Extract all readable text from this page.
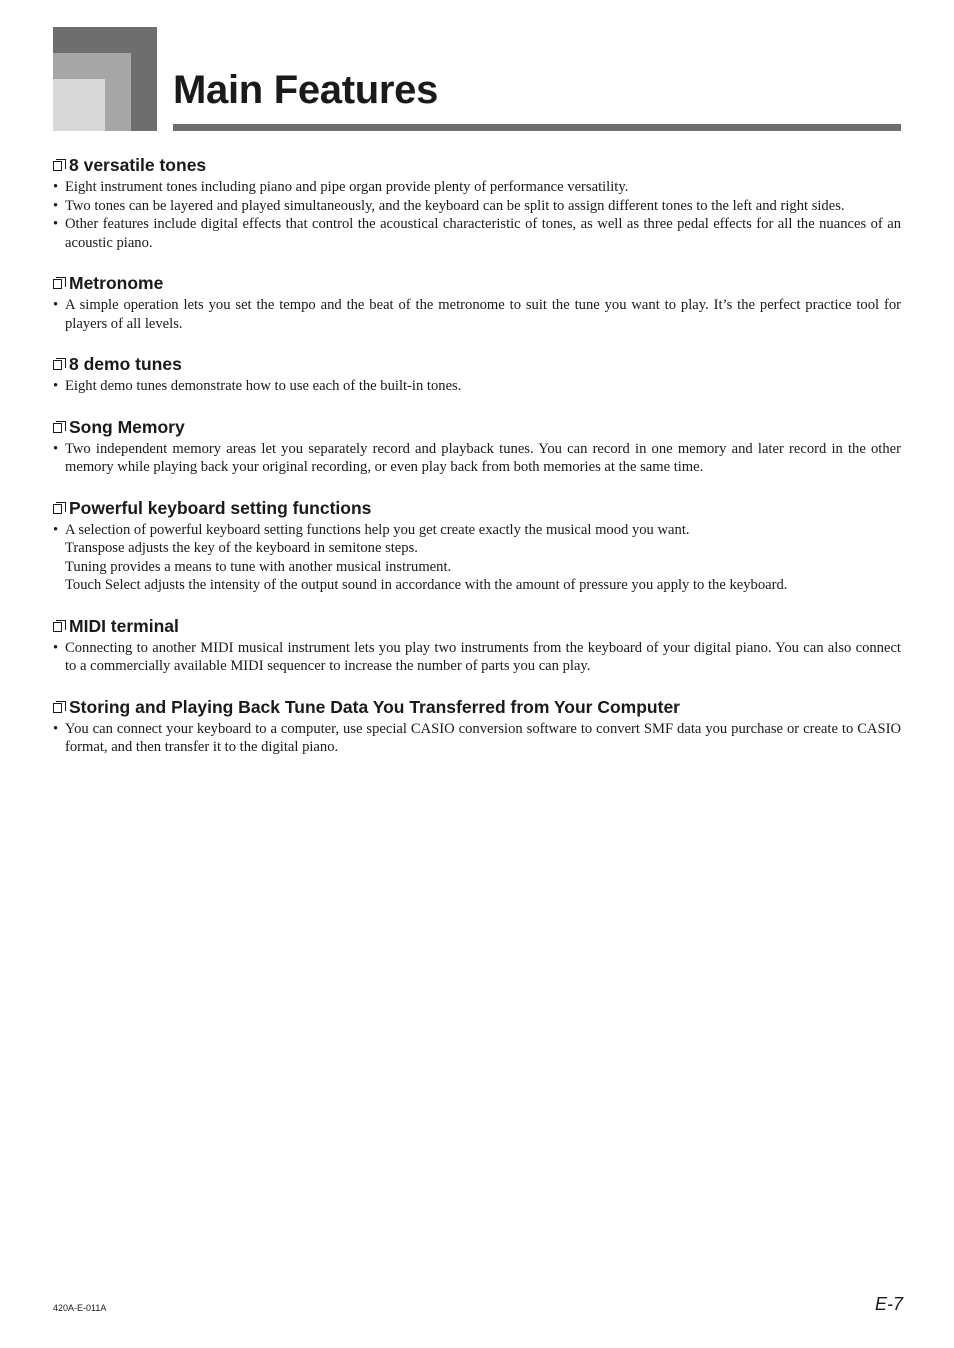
Main Features
8 versatile tones
• Eight instrument tones including piano and pipe organ provide plenty of performance versatility.
• Two tones can be layered and played simultaneously, and the keyboard can be split to assign different tones to the left and right sides.
• Other features include digital effects that control the acoustical characteristic of tones, as well as three pedal effects for all the nuances of an acoustic piano.
Metronome
• A simple operation lets you set the tempo and the beat of the metronome to suit the tune you want to play. It’s the perfect practice tool for players of all levels.
8 demo tunes
• Eight demo tunes demonstrate how to use each of the built-in tones.
Song Memory
• Two independent memory areas let you separately record and playback tunes. You can record in one memory and later record in the other memory while playing back your original recording, or even play back from both memories at the same time.
Powerful keyboard setting functions
• A selection of powerful keyboard setting functions help you get create exactly the musical mood you want.
Transpose adjusts the key of the keyboard in semitone steps.
Tuning provides a means to tune with another musical instrument.
Touch Select adjusts the intensity of the output sound in accordance with the amount of pressure you apply to the keyboard.
MIDI terminal
• Connecting to another MIDI musical instrument lets you play two instruments from the keyboard of your digital piano. You can also connect to a commercially available MIDI sequencer to increase the number of parts you can play.
Storing and Playing Back Tune Data You Transferred from Your Computer
• You can connect your keyboard to a computer, use special CASIO conversion software to convert SMF data you purchase or create to CASIO format, and then transfer it to the digital piano.
420A-E-011A	E-7
